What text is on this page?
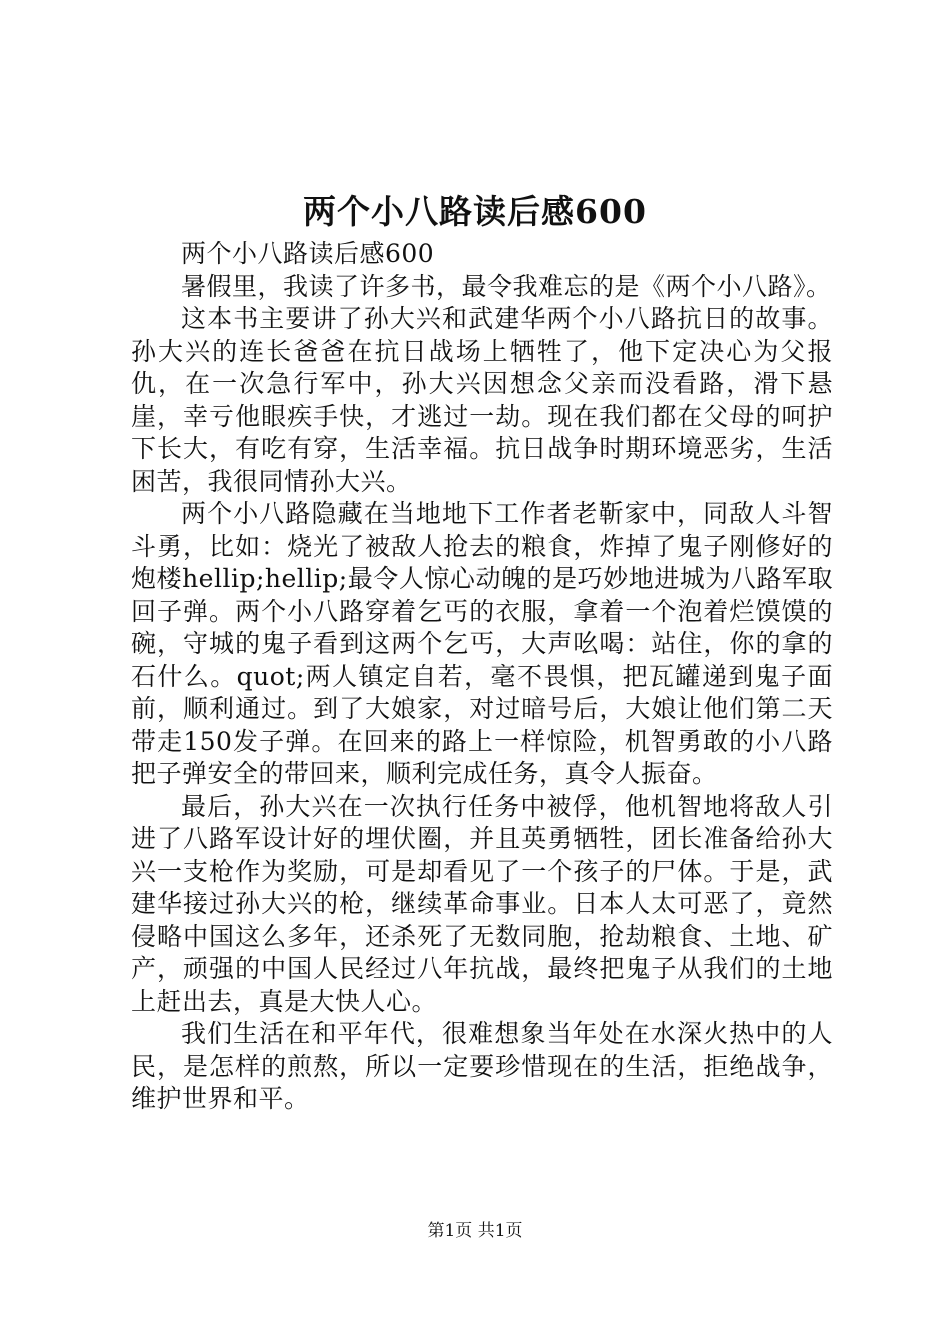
两个小八路读后感600

两个小八路读后感600

暑假里，我读了许多书，最令我难忘的是《两个小八路》。

这本书主要讲了孙大兴和武建华两个小八路抗日的故事。孙大兴的连长爸爸在抗日战场上牺牲了，他下定决心为父报仇，在一次急行军中，孙大兴因想念父亲而没看路，滑下悬崖，幸亏他眼疾手快，才逃过一劫。现在我们都在父母的呵护下长大，有吃有穿，生活幸福。抗日战争时期环境恶劣，生活困苦，我很同情孙大兴。

两个小八路隐藏在当地地下工作者老靳家中，同敌人斗智斗勇，比如：烧光了被敌人抢去的粮食，炸掉了鬼子刚修好的炮楼hellip;hellip;最令人惊心动魄的是巧妙地进城为八路军取回子弹。两个小八路穿着乞丐的衣服，拿着一个泡着烂馍馍的碗，守城的鬼子看到这两个乞丐，大声吆喝：站住，你的拿的石什么。quot;两人镇定自若，毫不畏惧，把瓦罐递到鬼子面前，顺利通过。到了大娘家，对过暗号后，大娘让他们第二天带走150发子弹。在回来的路上一样惊险，机智勇敢的小八路把子弹安全的带回来，顺利完成任务，真令人振奋。

最后，孙大兴在一次执行任务中被俘，他机智地将敌人引进了八路军设计好的埋伏圈，并且英勇牺牲，团长准备给孙大兴一支枪作为奖励，可是却看见了一个孩子的尸体。于是，武建华接过孙大兴的枪，继续革命事业。日本人太可恶了，竟然侵略中国这么多年，还杀死了无数同胞，抢劫粮食、土地、矿产，顽强的中国人民经过八年抗战，最终把鬼子从我们的土地上赶出去，真是大快人心。

我们生活在和平年代，很难想象当年处在水深火热中的人民，是怎样的煎熬，所以一定要珍惜现在的生活，拒绝战争，维护世界和平。

第1页 共1页
